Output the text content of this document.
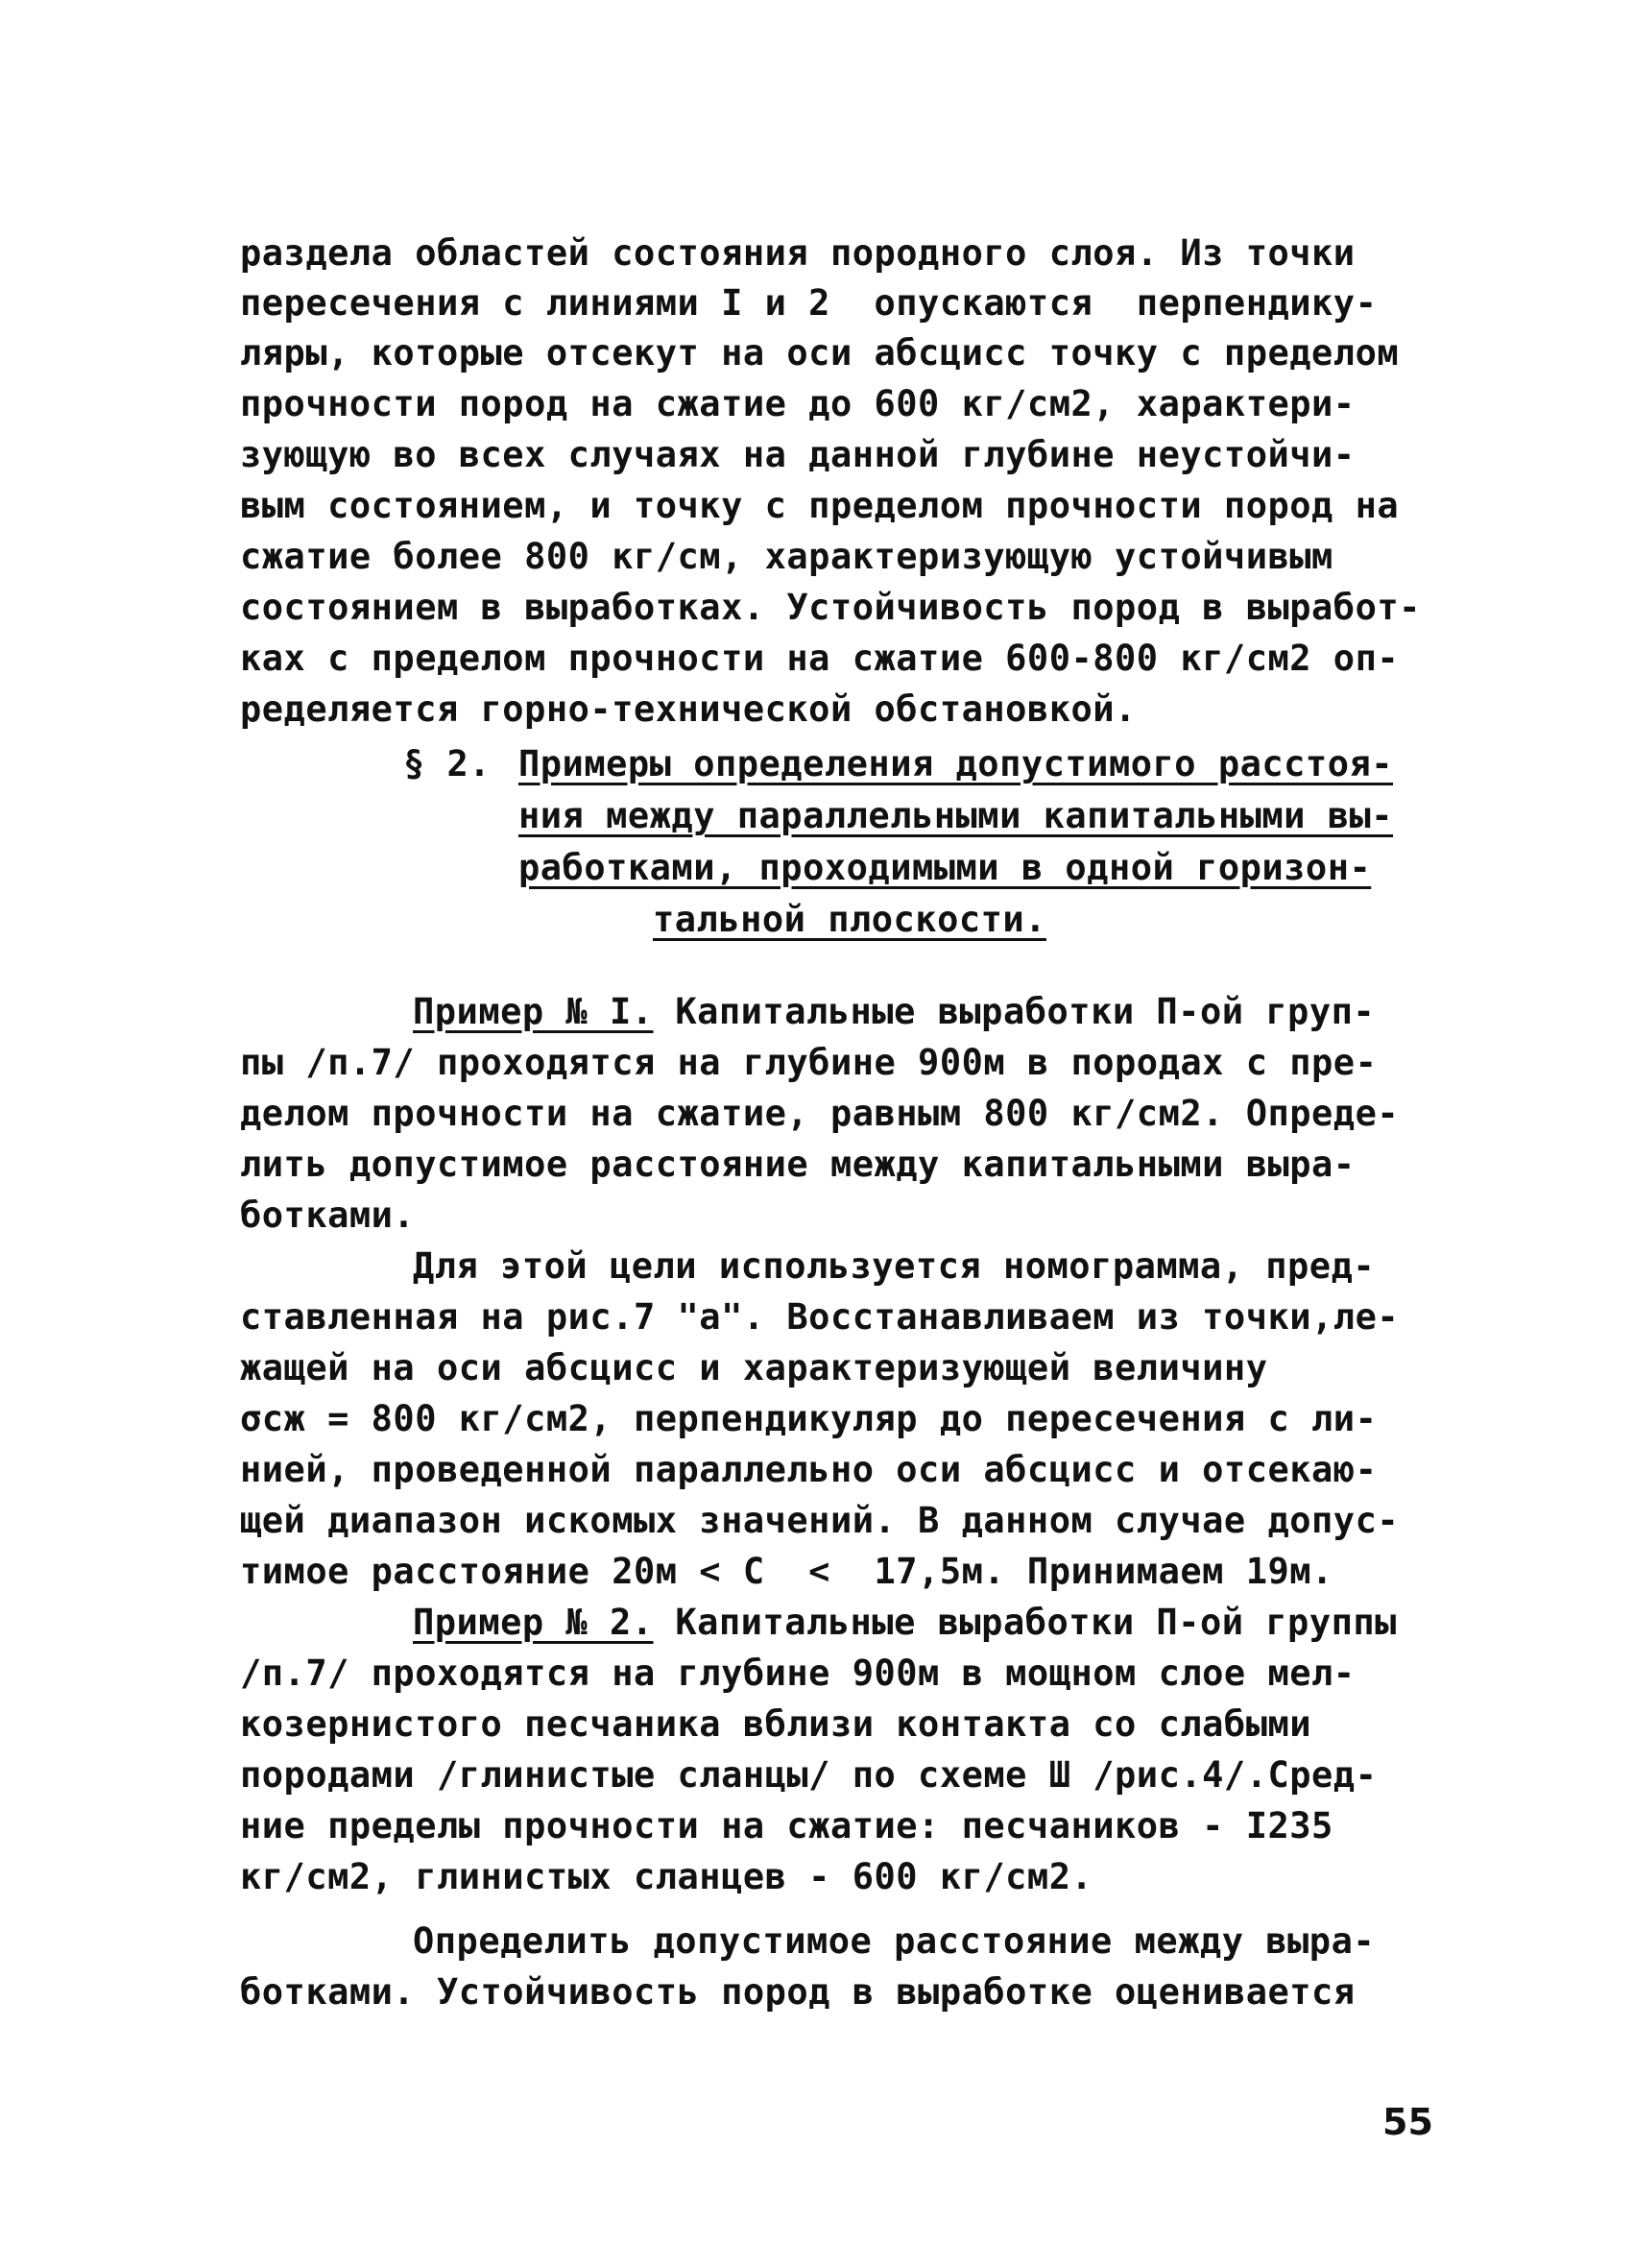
раздела областей состояния породного слоя. Из точки
пересечения с линиями I и 2  опускаются  перпендику-
ляры, которые отсекут на оси абсцисс точку с пределом
прочности пород на сжатие до 600 кг/см2, характери-
зующую во всех случаях на данной глубине неустойчи-
вым состоянием, и точку с пределом прочности пород на
сжатие более 800 кг/см, характеризующую устойчивым
состоянием в выработках. Устойчивость пород в выработ-
ках с пределом прочности на сжатие 600-800 кг/см2 оп-
ределяется горно-технической обстановкой.
§ 2. Примеры определения допустимого расстоя-
ния между параллельными капитальными вы-
работками, проходимыми в одной горизон-
тальной плоскости.
Пример № I. Капитальные выработки П-ой груп-
пы /п.7/ проходятся на глубине 900м в породах с пре-
делом прочности на сжатие, равным 800 кг/см2. Опреде-
лить допустимое расстояние между капитальными выра-
ботками.
Для этой цели используется номограмма, пред-
ставленная на рис.7 "а". Восстанавливаем из точки,ле-
жащей на оси абсцисс и характеризующей величину
σсж = 800 кг/см2, перпендикуляр до пересечения с ли-
нией, проведенной параллельно оси абсцисс и отсекаю-
щей диапазон искомых значений. В данном случае допус-
тимое расстояние 20м < С  <  17,5м. Принимаем 19м.
Пример № 2. Капитальные выработки П-ой группы
/п.7/ проходятся на глубине 900м в мощном слое мел-
козернистого песчаника вблизи контакта со слабыми
породами /глинистые сланцы/ по схеме Ш /рис.4/.Сред-
ние пределы прочности на сжатие: песчаников - I235
кг/см2, глинистых сланцев - 600 кг/см2.
Определить допустимое расстояние между выра-
ботками. Устойчивость пород в выработке оценивается
55
